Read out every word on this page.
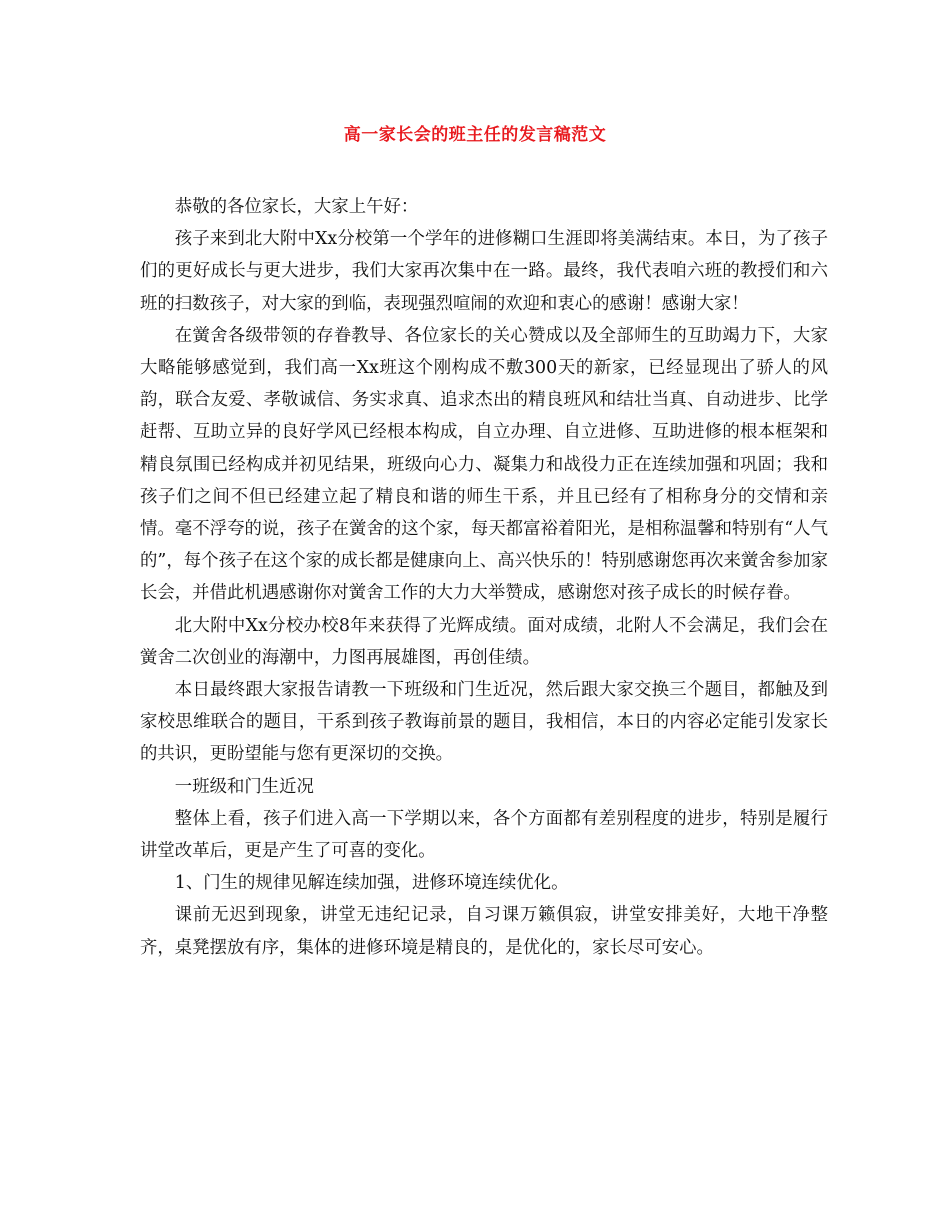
高一家长会的班主任的发言稿范文

恭敬的各位家长，大家上午好：

孩子来到北大附中Xx分校第一个学年的进修糊口生涯即将美满结束。本日，为了孩子们的更好成长与更大进步，我们大家再次集中在一路。最终，我代表咱六班的教授们和六班的扫数孩子，对大家的到临，表现强烈喧闹的欢迎和衷心的感谢！感谢大家！

在黉舍各级带领的存眷教导、各位家长的关心赞成以及全部师生的互助竭力下，大家大略能够感觉到，我们高一Xx班这个刚构成不敷300天的新家，已经显现出了骄人的风韵，联合友爱、孝敬诚信、务实求真、追求杰出的精良班风和结壮当真、自动进步、比学赶帮、互助立异的良好学风已经根本构成，自立办理、自立进修、互助进修的根本框架和精良氛围已经构成并初见结果，班级向心力、凝集力和战役力正在连续加强和巩固；我和孩子们之间不但已经建立起了精良和谐的师生干系，并且已经有了相称身分的交情和亲情。毫不浮夸的说，孩子在黉舍的这个家，每天都富裕着阳光，是相称温馨和特别有“人气的”，每个孩子在这个家的成长都是健康向上、高兴快乐的！特别感谢您再次来黉舍参加家长会，并借此机遇感谢你对黉舍工作的大力大举赞成，感谢您对孩子成长的时候存眷。

北大附中Xx分校办校8年来获得了光辉成绩。面对成绩，北附人不会满足，我们会在黉舍二次创业的海潮中，力图再展雄图，再创佳绩。

本日最终跟大家报告请教一下班级和门生近况，然后跟大家交换三个题目，都触及到家校思维联合的题目，干系到孩子教诲前景的题目，我相信，本日的内容必定能引发家长的共识，更盼望能与您有更深切的交换。

一班级和门生近况

整体上看，孩子们进入高一下学期以来，各个方面都有差别程度的进步，特别是履行讲堂改革后，更是产生了可喜的变化。

1、门生的规律见解连续加强，进修环境连续优化。

课前无迟到现象，讲堂无违纪记录，自习课万籁俱寂，讲堂安排美好，大地干净整齐，桌凳摆放有序，集体的进修环境是精良的，是优化的，家长尽可安心。
